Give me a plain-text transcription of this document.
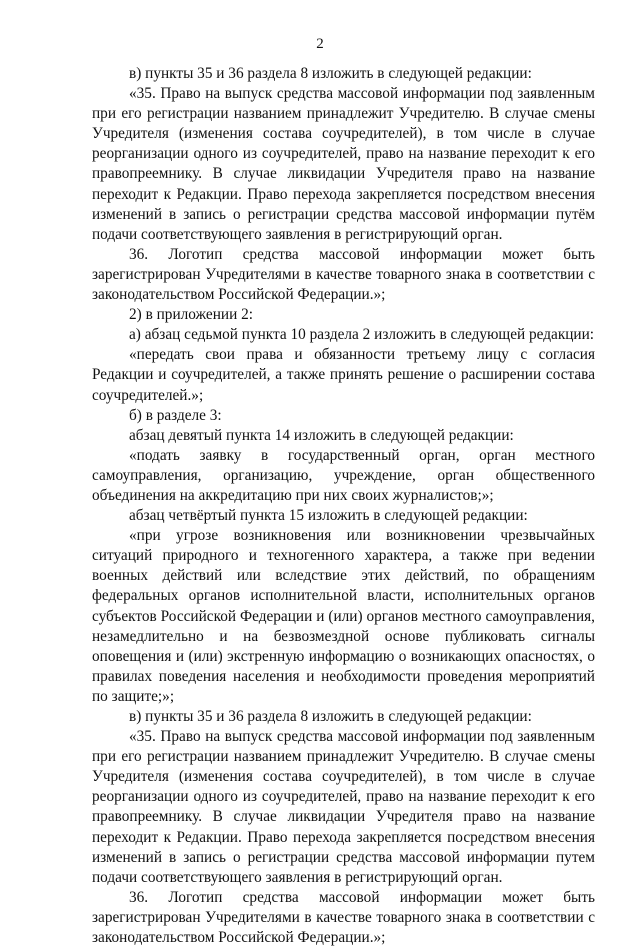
2

в) пункты 35 и 36 раздела 8 изложить в следующей редакции:

«35. Право на выпуск средства массовой информации под заявленным при его регистрации названием принадлежит Учредителю. В случае смены Учредителя (изменения состава соучредителей), в том числе в случае реорганизации одного из соучредителей, право на название переходит к его правопреемнику. В случае ликвидации Учредителя право на название переходит к Редакции. Право перехода закрепляется посредством внесения изменений в запись о регистрации средства массовой информации путём подачи соответствующего заявления в регистрирующий орган.

36. Логотип средства массовой информации может быть зарегистрирован Учредителями в качестве товарного знака в соответствии с законодательством Российской Федерации.»;

2) в приложении 2:

а) абзац седьмой пункта 10 раздела 2 изложить в следующей редакции:

«передать свои права и обязанности третьему лицу с согласия Редакции и соучредителей, а также принять решение о расширении состава соучредителей.»;

б) в разделе 3:

абзац девятый пункта 14 изложить в следующей редакции:

«подать заявку в государственный орган, орган местного самоуправления, организацию, учреждение, орган общественного объединения на аккредитацию при них своих журналистов;»;

абзац четвёртый пункта 15 изложить в следующей редакции:

«при угрозе возникновения или возникновении чрезвычайных ситуаций природного и техногенного характера, а также при ведении военных действий или вследствие этих действий, по обращениям федеральных органов исполнительной власти, исполнительных органов субъектов Российской Федерации и (или) органов местного самоуправления, незамедлительно и на безвозмездной основе публиковать сигналы оповещения и (или) экстренную информацию о возникающих опасностях, о правилах поведения населения и необходимости проведения мероприятий по защите;»;

в) пункты 35 и 36 раздела 8 изложить в следующей редакции:

«35. Право на выпуск средства массовой информации под заявленным при его регистрации названием принадлежит Учредителю. В случае смены Учредителя (изменения состава соучредителей), в том числе в случае реорганизации одного из соучредителей, право на название переходит к его правопреемнику. В случае ликвидации Учредителя право на название переходит к Редакции. Право перехода закрепляется посредством внесения изменений в запись о регистрации средства массовой информации путем подачи соответствующего заявления в регистрирующий орган.

36. Логотип средства массовой информации может быть зарегистрирован Учредителями в качестве товарного знака в соответствии с законодательством Российской Федерации.»;
